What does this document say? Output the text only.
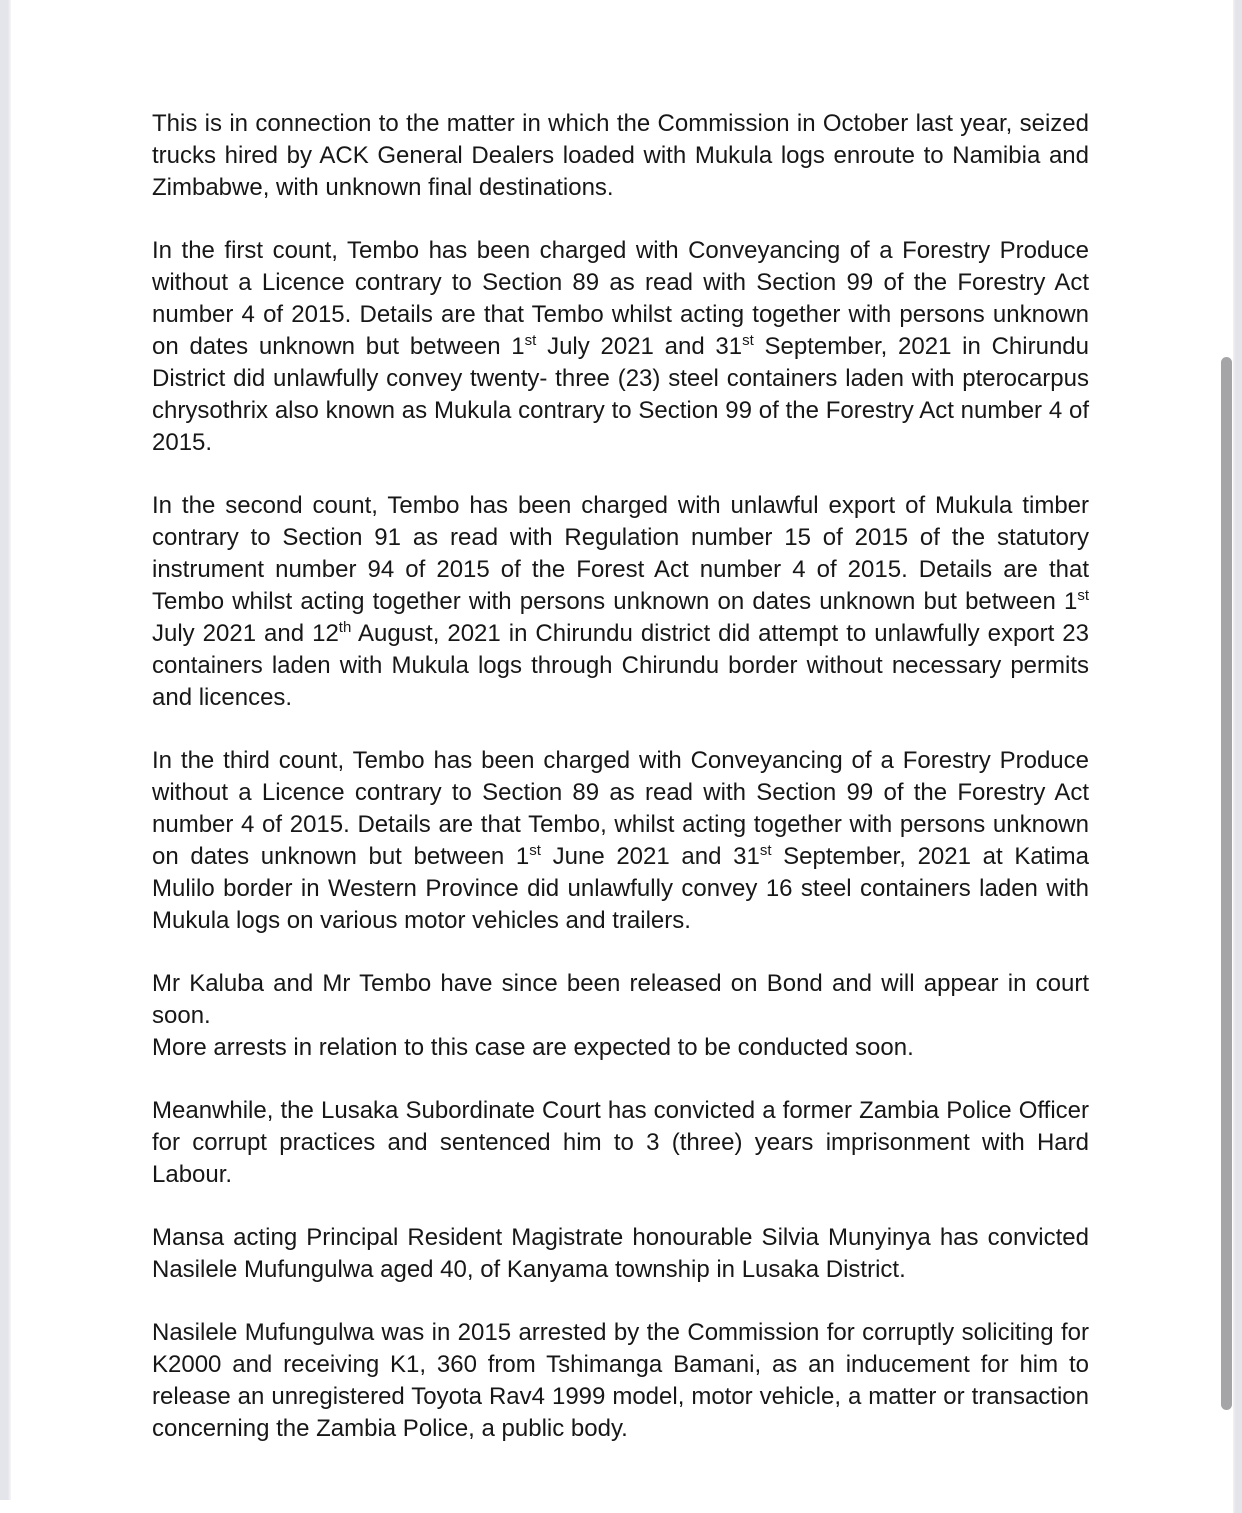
This is in connection to the matter in which the Commission in October last year, seized trucks hired by ACK General Dealers loaded with Mukula logs enroute to Namibia and Zimbabwe, with unknown final destinations.

In the first count, Tembo has been charged with Conveyancing of a Forestry Produce without a Licence contrary to Section 89 as read with Section 99 of the Forestry Act number 4 of 2015. Details are that Tembo whilst acting together with persons unknown on dates unknown but between 1st July 2021 and 31st September, 2021 in Chirundu District did unlawfully convey twenty- three (23) steel containers laden with pterocarpus chrysothrix also known as Mukula contrary to Section 99 of the Forestry Act number 4 of 2015.

In the second count, Tembo has been charged with unlawful export of Mukula timber contrary to Section 91 as read with Regulation number 15 of 2015 of the statutory instrument number 94 of 2015 of the Forest Act number 4 of 2015. Details are that Tembo whilst acting together with persons unknown on dates unknown but between 1st July 2021 and 12th August, 2021 in Chirundu district did attempt to unlawfully export 23 containers laden with Mukula logs through Chirundu border without necessary permits and licences.

In the third count, Tembo has been charged with Conveyancing of a Forestry Produce without a Licence contrary to Section 89 as read with Section 99 of the Forestry Act number 4 of 2015. Details are that Tembo, whilst acting together with persons unknown on dates unknown but between 1st June 2021 and 31st September, 2021 at Katima Mulilo border in Western Province did unlawfully convey 16 steel containers laden with Mukula logs on various motor vehicles and trailers.

Mr Kaluba and Mr Tembo have since been released on Bond and will appear in court soon.

More arrests in relation to this case are expected to be conducted soon.

Meanwhile, the Lusaka Subordinate Court has convicted a former Zambia Police Officer for corrupt practices and sentenced him to 3 (three) years imprisonment with Hard Labour.

Mansa acting Principal Resident Magistrate honourable Silvia Munyinya has convicted Nasilele Mufungulwa aged 40, of Kanyama township in Lusaka District.

Nasilele Mufungulwa was in 2015 arrested by the Commission for corruptly soliciting for K2000 and receiving K1, 360 from Tshimanga Bamani, as an inducement for him to release an unregistered Toyota Rav4 1999 model, motor vehicle, a matter or transaction concerning the Zambia Police, a public body.
